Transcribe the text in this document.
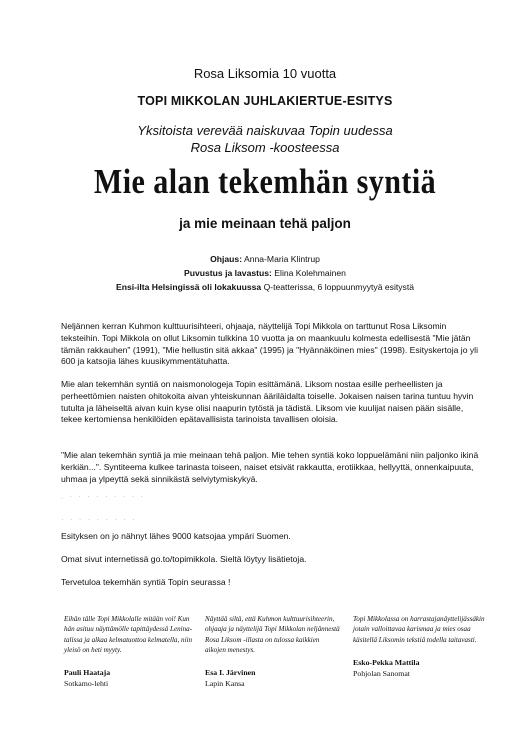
Rosa Liksomia 10 vuotta
TOPI MIKKOLAN JUHLAKIERTUE-ESITYS
Yksitoista verevää naiskuvaa Topin uudessa
Rosa Liksom -koosteessa
Mie alan tekemhän syntiä
ja mie meinaan tehä paljon
Ohjaus: Anna-Maria Klintrup
Puvustus ja lavastus: Elina Kolehmainen
Ensi-ilta Helsingissä oli lokakuussa Q-teatterissa, 6 loppuunmyytyä esitystä
Neljännen kerran Kuhmon kulttuurisihteeri, ohjaaja, näyttelijä Topi Mikkola on tarttunut Rosa Liksomin teksteihin. Topi Mikkola on ollut Liksomin tulkkina 10 vuotta ja on maankuulu kolmesta edellisestä "Mie jätän tämän rakkauhen" (1991), "Mie hellustin sitä akkaa" (1995) ja "Hyännäköinen mies" (1998). Esityskertoja jo yli 600 ja katsojia lähes kuusikymmentätuhatta.
Mie alan tekemhän syntiä on naismonologeja Topin esittämänä. Liksom nostaa esille perheellisten ja perheettömien naisten ohitokoita aivan yhteiskunnan ääriläidalta toiselle. Jokaisen naisen tarina tuntuu hyvin tutulta ja läheiseltä aivan kuin kyse olisi naapurin tytöstä ja tädistä. Liksom vie kuulijat naisen pään sisälle, tekee kertomiensa henkilöiden epätavallisista tarinoista tavallisen oloisia.
"Mie alan tekemhän syntiä ja mie meinaan tehä paljon. Mie tehen syntiä koko loppuelämäni niin paljonko ikinä kerkiän...". Syntiteema kulkee tarinasta toiseen, naiset etsivät rakkautta, erotiikkaa, hellyyttä, onnenkaipuuta, uhmaa ja ylpeyttä sekä sinnikästä selviytymiskykyä.
. · · · · · · · · ·
· · · · · · · · ·
Esityksen on jo nähnyt lähes 9000 katsojaa ympäri Suomen.
Omat sivut internetissä go.to/topimikkola. Sieltä löytyy lisätietoja.
Tervetuloa tekemhän syntiä Topin seurassa !
Eihän tälle Topi Mikkolalle mitään voi! Kun hän asituu näyttämölle tapittäydessä Lenina-talissa ja alkaa kelmatuottoa kelmatella, niin yleisö on heti myyty.
Näyttää siltä, että Kuhmon kulttuurisihteerin, ohjaaja ja näyttelijä Topi Mikkolan neljännestä Rosa Liksom -illasta on tulossa kaikkien aikojen menestys.
Topi Mikkolassa on harrastajanäyttelijässäkin jotain valloittavaa karismaa ja mies osaa käsitellä Liksomin tekstiä todella taitavasti.
Pauli Haataja
Sotkamo-lehti
Esa I. Järvinen
Lapin Kansa
Esko-Pekka Mattila
Pohjolan Sanomat
